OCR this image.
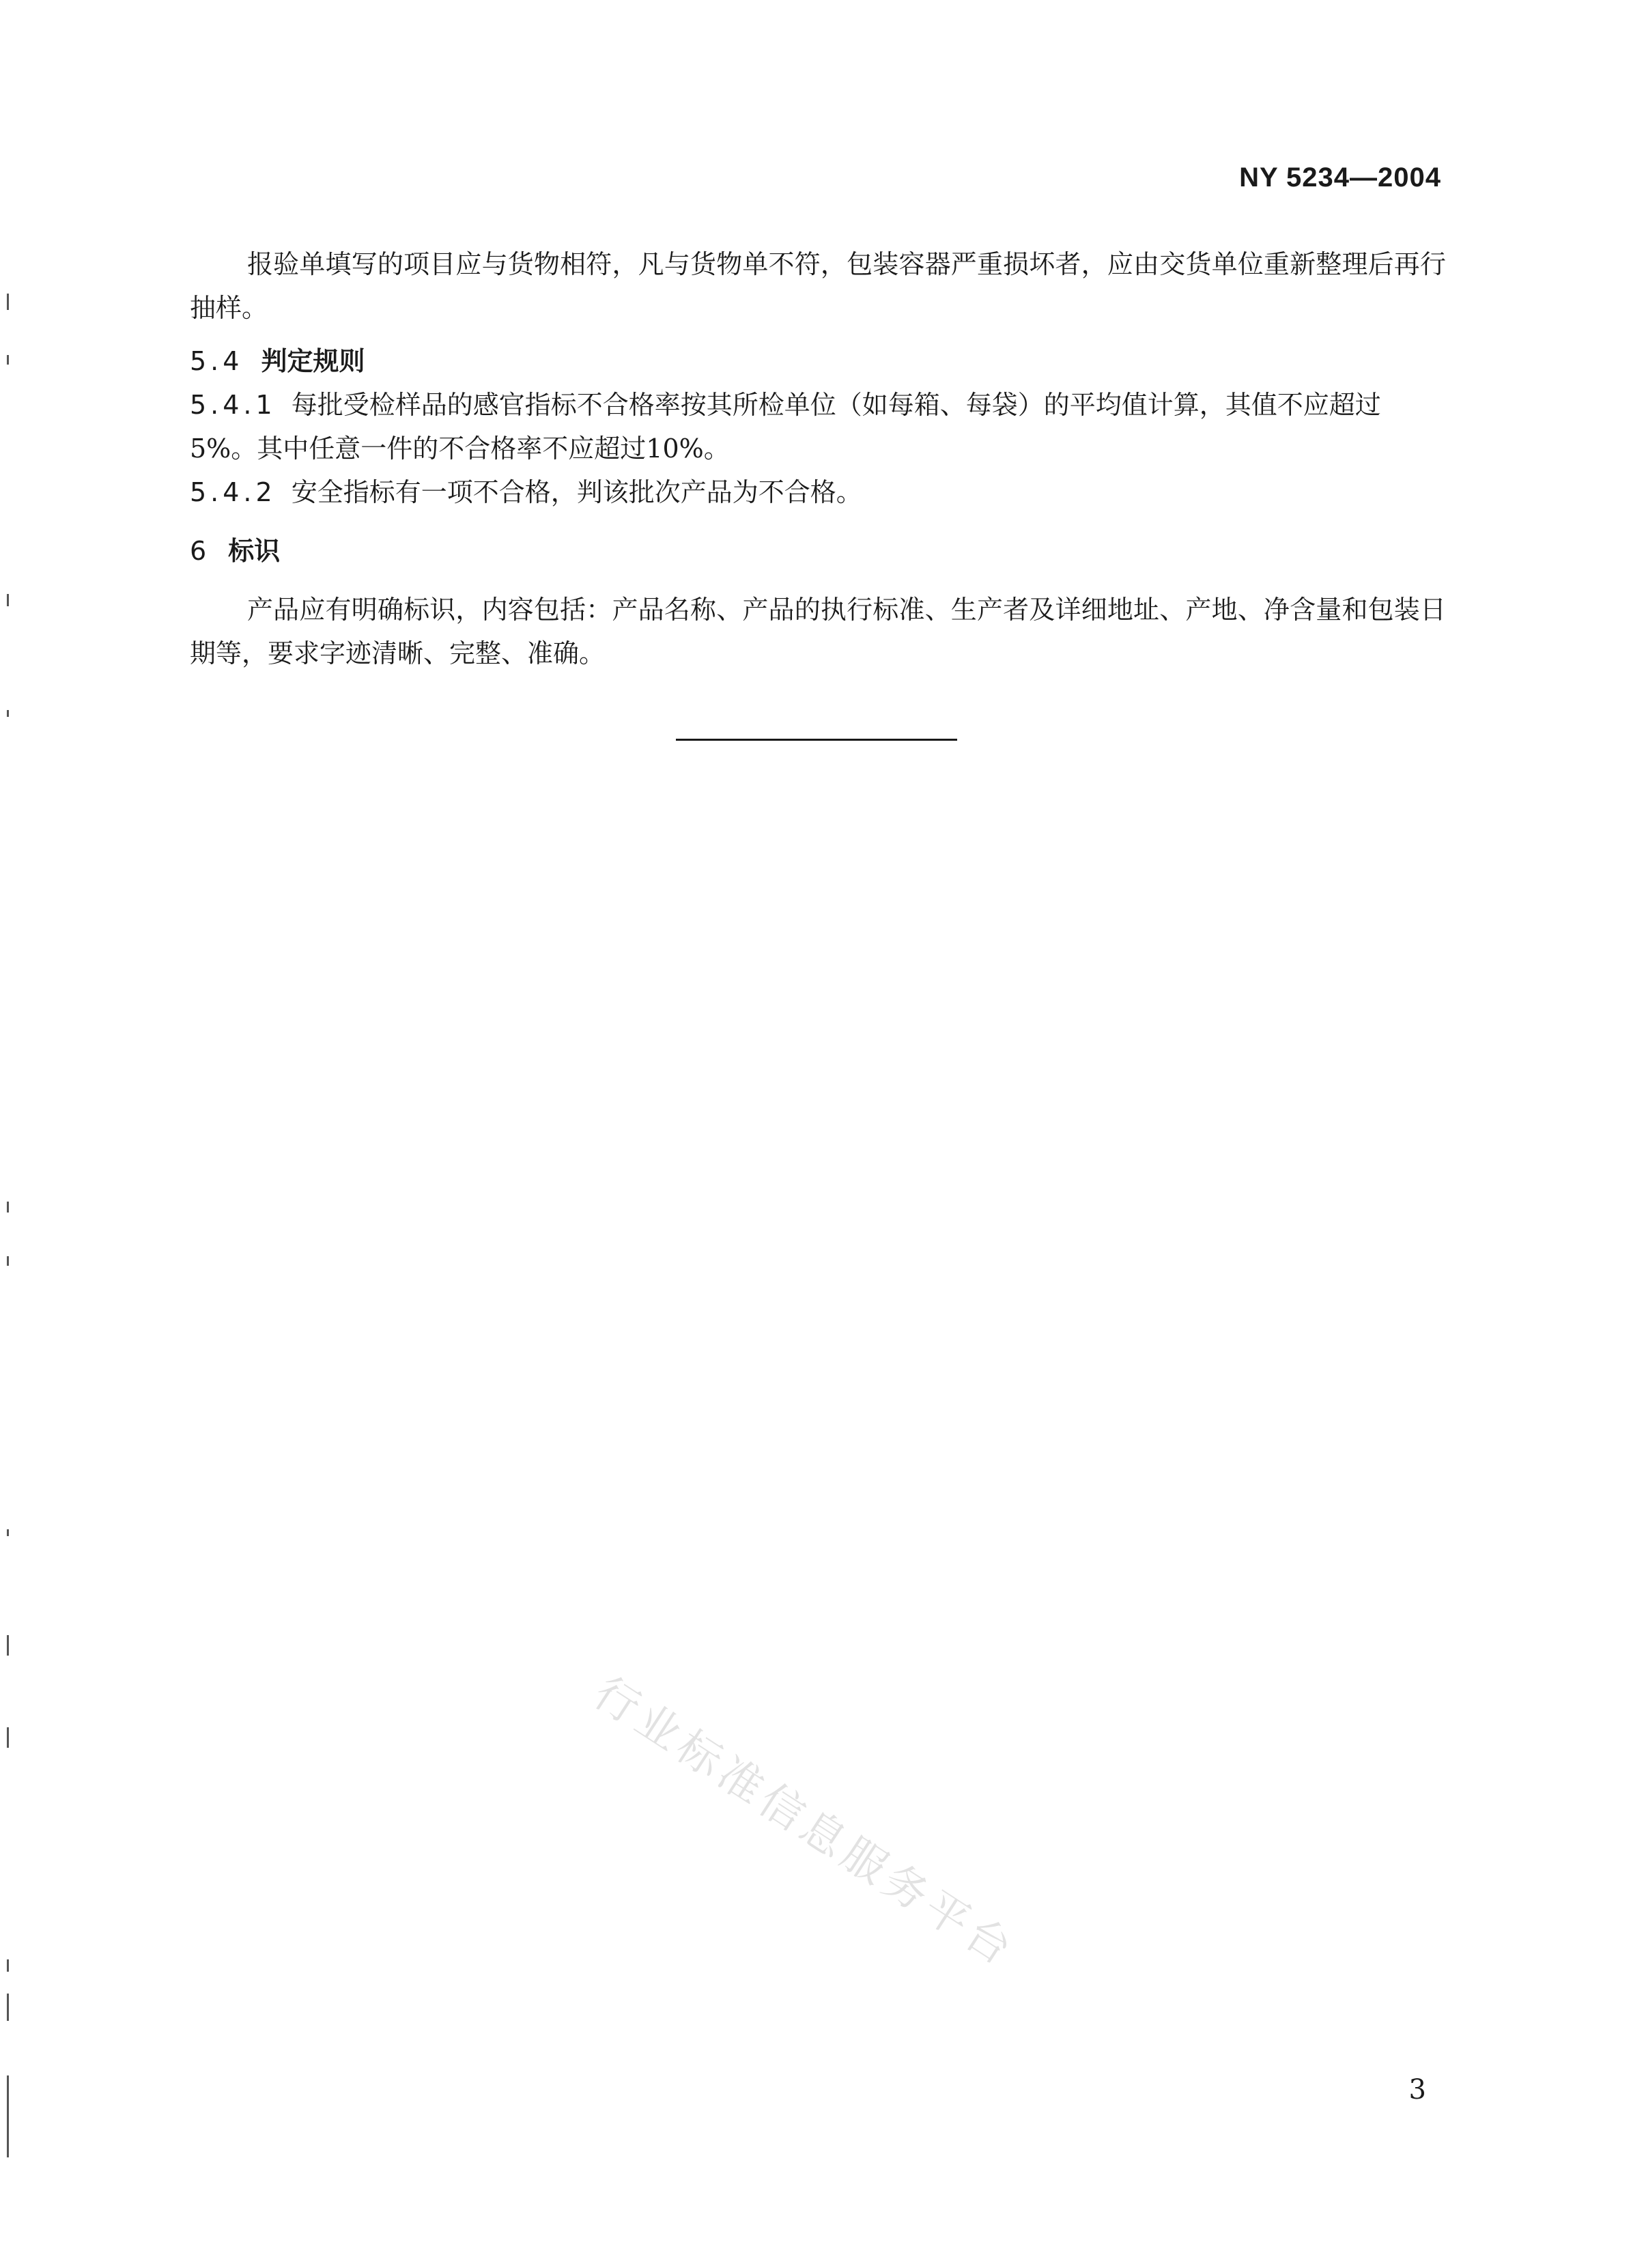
NY 5234—2004

报验单填写的项目应与货物相符，凡与货物单不符，包装容器严重损坏者，应由交货单位重新整理后再行抽样。

5.4 判定规则

5.4.1 每批受检样品的感官指标不合格率按其所检单位（如每箱、每袋）的平均值计算，其值不应超过5%。其中任意一件的不合格率不应超过10%。

5.4.2 安全指标有一项不合格，判该批次产品为不合格。

6 标识

产品应有明确标识，内容包括：产品名称、产品的执行标准、生产者及详细地址、产地、净含量和包装日期等，要求字迹清晰、完整、准确。

行业标准信息服务平台
3
